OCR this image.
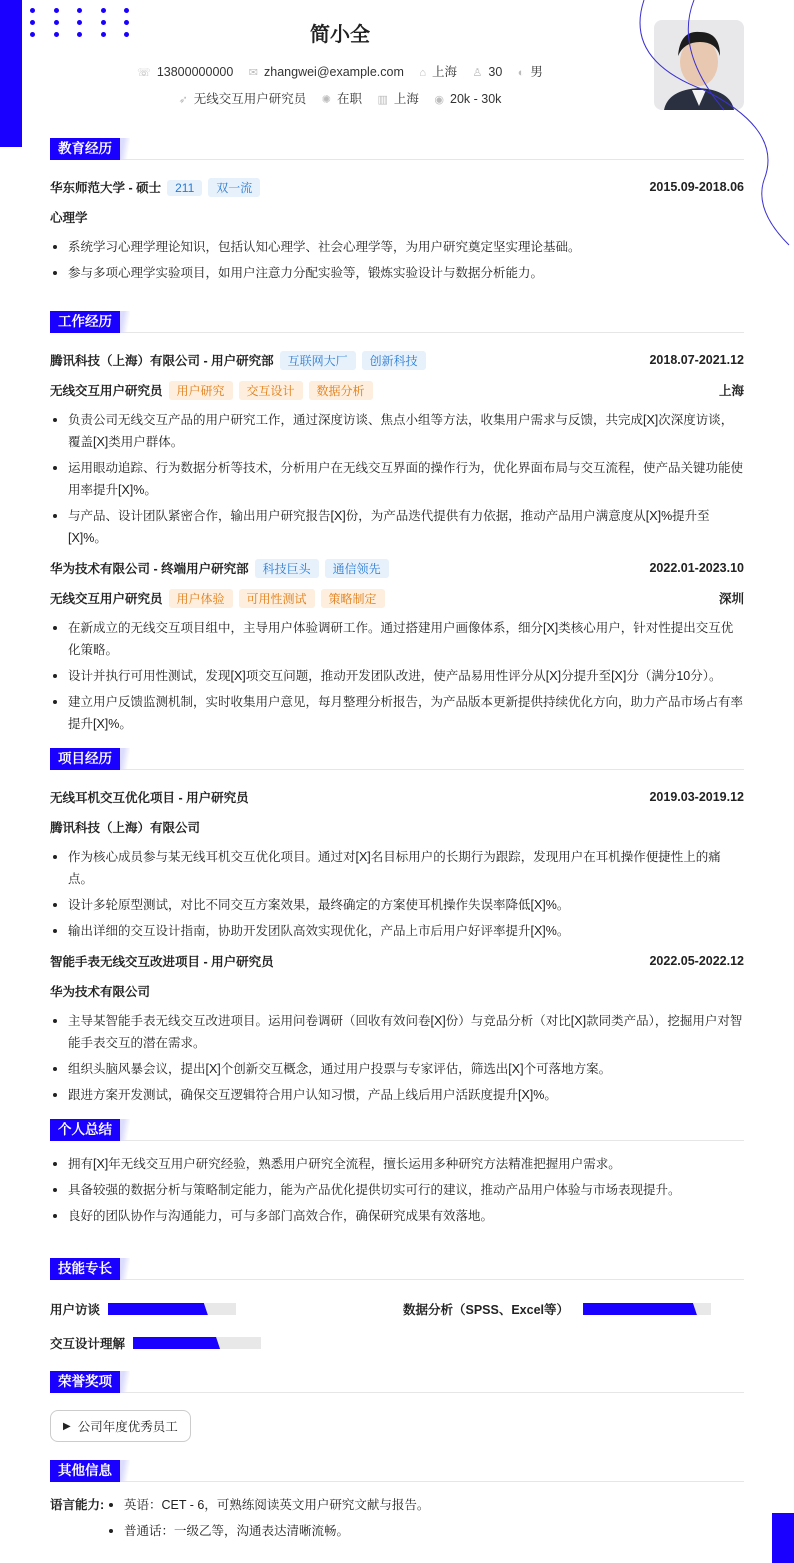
简小全
☏ 13800000000 ✉ zhangwei@example.com ⌂ 上海 ♙ 30 ◐ 男
➶ 无线交互用户研究员 ✺ 在职 ▥ 上海 ◉ 20k - 30k
教育经历
华东师范大学 - 硕士 211 双一流	2015.09-2018.06
心理学
系统学习心理学理论知识，包括认知心理学、社会心理学等，为用户研究奠定坚实理论基础。
参与多项心理学实验项目，如用户注意力分配实验等，锻炼实验设计与数据分析能力。
工作经历
腾讯科技（上海）有限公司 - 用户研究部 互联网大厂 创新科技	2018.07-2021.12
无线交互用户研究员 用户研究 交互设计 数据分析	上海
负责公司无线交互产品的用户研究工作，通过深度访谈、焦点小组等方法，收集用户需求与反馈，共完成[X]次深度访谈，覆盖[X]类用户群体。
运用眼动追踪、行为数据分析等技术，分析用户在无线交互界面的操作行为，优化界面布局与交互流程，使产品关键功能使用率提升[X]%。
与产品、设计团队紧密合作，输出用户研究报告[X]份，为产品迭代提供有力依据，推动产品用户满意度从[X]%提升至[X]%。
华为技术有限公司 - 终端用户研究部 科技巨头 通信领先	2022.01-2023.10
无线交互用户研究员 用户体验 可用性测试 策略制定	深圳
在新成立的无线交互项目组中，主导用户体验调研工作。通过搭建用户画像体系，细分[X]类核心用户，针对性提出交互优化策略。
设计并执行可用性测试，发现[X]项交互问题，推动开发团队改进，使产品易用性评分从[X]分提升至[X]分（满分10分）。
建立用户反馈监测机制，实时收集用户意见，每月整理分析报告，为产品版本更新提供持续优化方向，助力产品市场占有率提升[X]%。
项目经历
无线耳机交互优化项目 - 用户研究员	2019.03-2019.12
腾讯科技（上海）有限公司
作为核心成员参与某无线耳机交互优化项目。通过对[X]名目标用户的长期行为跟踪，发现用户在耳机操作便捷性上的痛点。
设计多轮原型测试，对比不同交互方案效果，最终确定的方案使耳机操作失误率降低[X]%。
输出详细的交互设计指南，协助开发团队高效实现优化，产品上市后用户好评率提升[X]%。
智能手表无线交互改进项目 - 用户研究员	2022.05-2022.12
华为技术有限公司
主导某智能手表无线交互改进项目。运用问卷调研（回收有效问卷[X]份）与竞品分析（对比[X]款同类产品），挖掘用户对智能手表交互的潜在需求。
组织头脑风暴会议，提出[X]个创新交互概念，通过用户投票与专家评估，筛选出[X]个可落地方案。
跟进方案开发测试，确保交互逻辑符合用户认知习惯，产品上线后用户活跃度提升[X]%。
个人总结
拥有[X]年无线交互用户研究经验，熟悉用户研究全流程，擅长运用多种研究方法精准把握用户需求。
具备较强的数据分析与策略制定能力，能为产品优化提供切实可行的建议，推动产品用户体验与市场表现提升。
良好的团队协作与沟通能力，可与多部门高效合作，确保研究成果有效落地。
技能专长
用户访谈	数据分析（SPSS、Excel等）
交互设计理解
荣誉奖项
▶ 公司年度优秀员工
其他信息
语言能力:	英语：CET - 6，可熟练阅读英文用户研究文献与报告。
普通话：一级乙等，沟通表达清晰流畅。
